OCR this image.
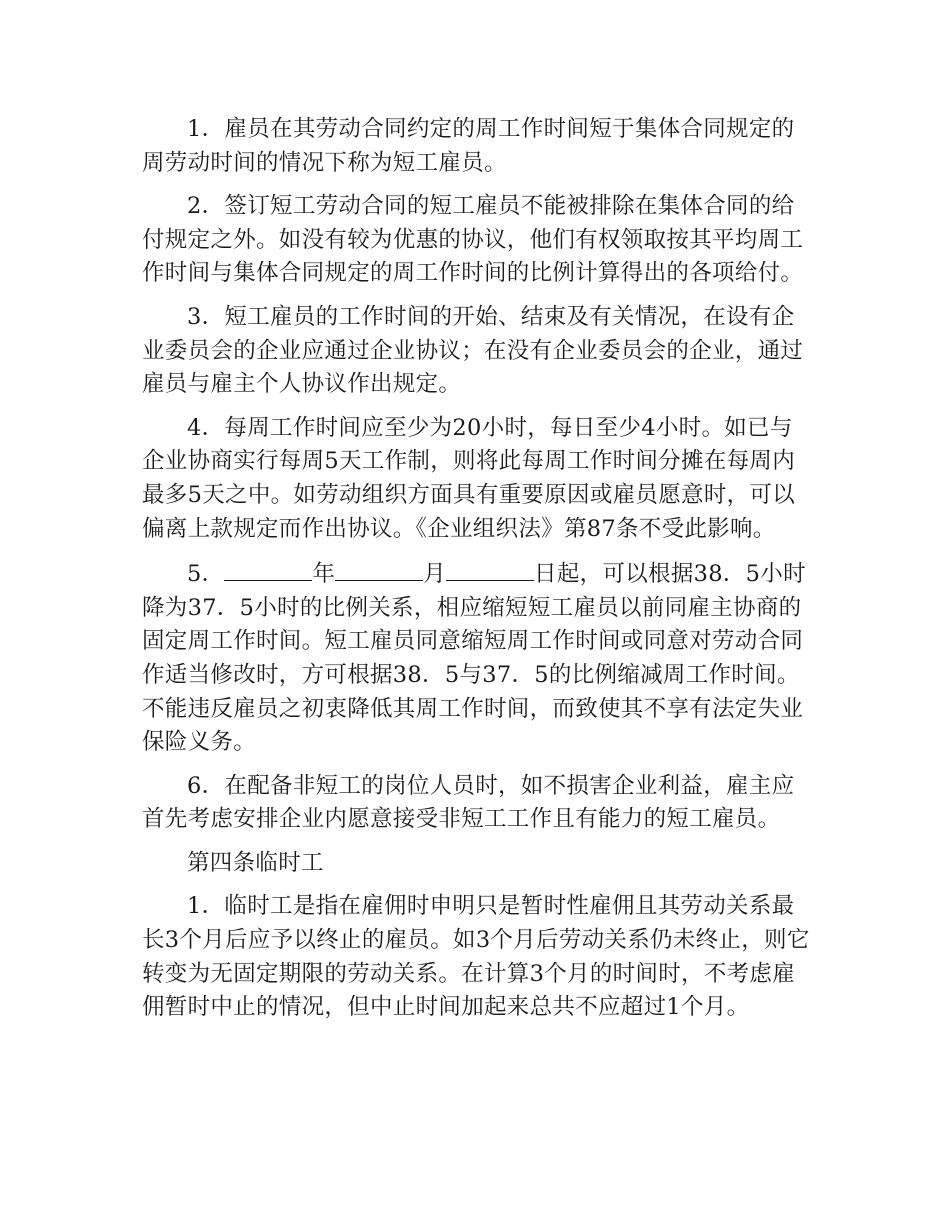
1．雇员在其劳动合同约定的周工作时间短于集体合同规定的周劳动时间的情况下称为短工雇员。

2．签订短工劳动合同的短工雇员不能被排除在集体合同的给付规定之外。如没有较为优惠的协议，他们有权领取按其平均周工作时间与集体合同规定的周工作时间的比例计算得出的各项给付。

3．短工雇员的工作时间的开始、结束及有关情况，在设有企业委员会的企业应通过企业协议；在没有企业委员会的企业，通过雇员与雇主个人协议作出规定。

4．每周工作时间应至少为20小时，每日至少4小时。如已与企业协商实行每周5天工作制，则将此每周工作时间分摊在每周内最多5天之中。如劳动组织方面具有重要原因或雇员愿意时，可以偏离上款规定而作出协议。《企业组织法》第87条不受此影响。

5．	年	月	日起，可以根据38．5小时降为37．5小时的比例关系，相应缩短短工雇员以前同雇主协商的固定周工作时间。短工雇员同意缩短周工作时间或同意对劳动合同作适当修改时，方可根据38．5与37．5的比例缩减周工作时间。不能违反雇员之初衷降低其周工作时间，而致使其不享有法定失业保险义务。

6．在配备非短工的岗位人员时，如不损害企业利益，雇主应首先考虑安排企业内愿意接受非短工工作且有能力的短工雇员。

第四条临时工

1．临时工是指在雇佣时申明只是暂时性雇佣且其劳动关系最长3个月后应予以终止的雇员。如3个月后劳动关系仍未终止，则它转变为无固定期限的劳动关系。在计算3个月的时间时，不考虑雇佣暂时中止的情况，但中止时间加起来总共不应超过1个月。
